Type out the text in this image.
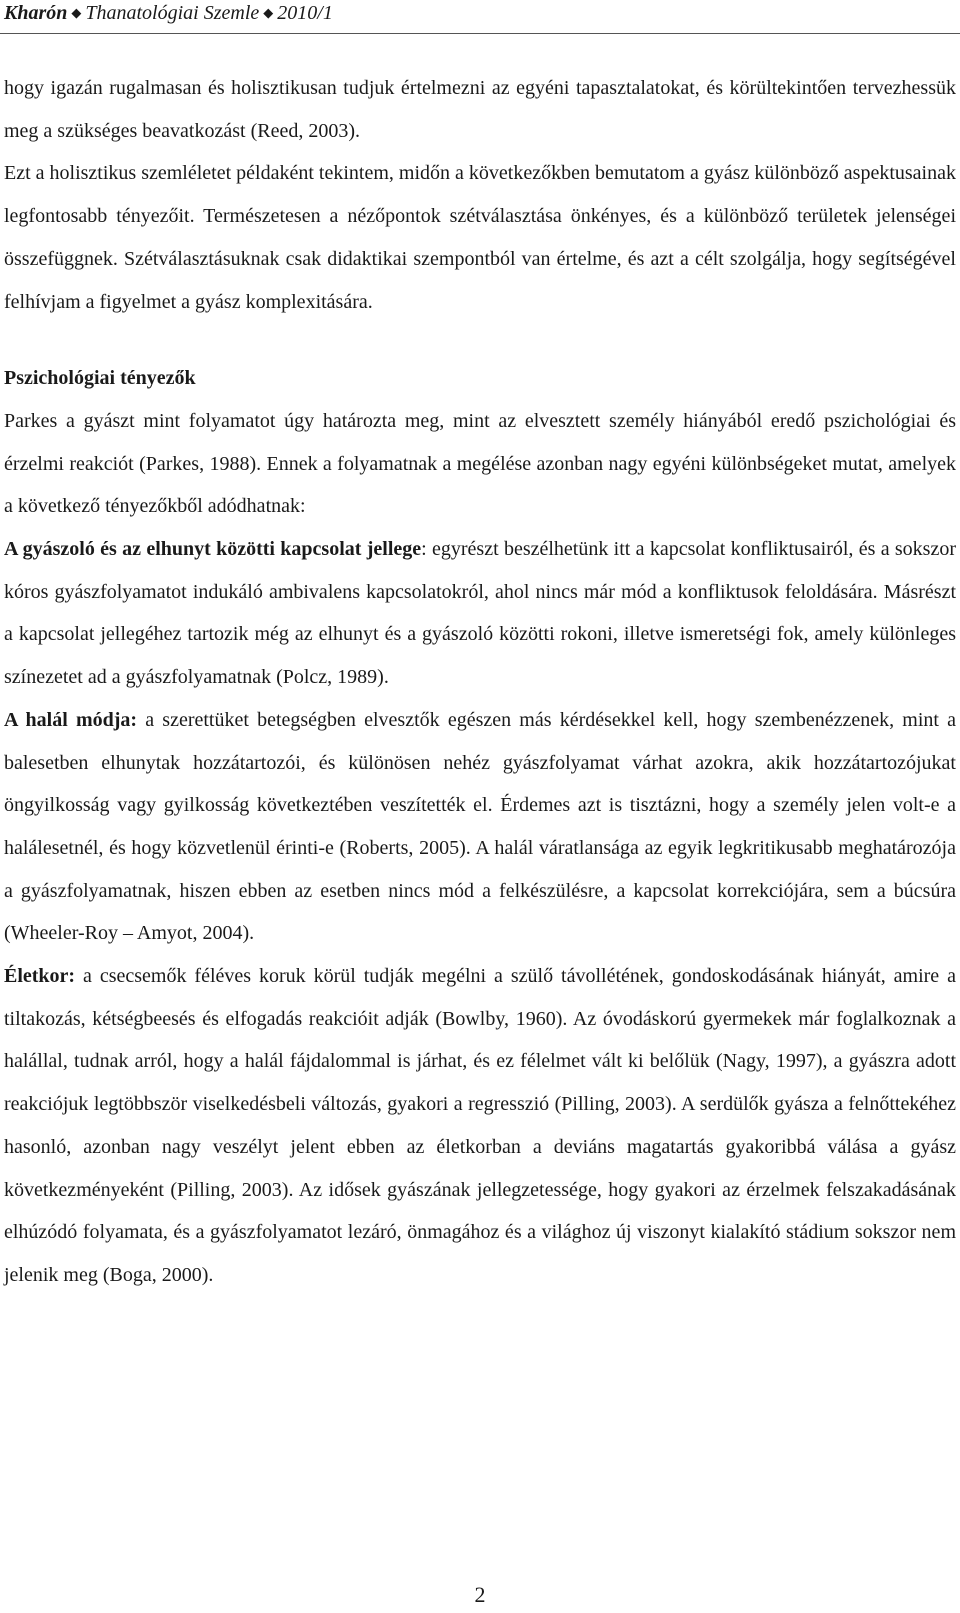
Kharón ◆ Thanatológiai Szemle ◆ 2010/1

hogy igazán rugalmasan és holisztikusan tudjuk értelmezni az egyéni tapasztalatokat, és körültekintően tervezhessük meg a szükséges beavatkozást (Reed, 2003).

Ezt a holisztikus szemléletet példaként tekintem, midőn a következőkben bemutatom a gyász különböző aspektusainak legfontosabb tényezőit. Természetesen a nézőpontok szétválasztása önkényes, és a különböző területek jelenségei összefüggnek. Szétválasztásuknak csak didaktikai szempontból van értelme, és azt a célt szolgálja, hogy segítségével felhívjam a figyelmet a gyász komplexitására.

Pszichológiai tényezők

Parkes a gyászt mint folyamatot úgy határozta meg, mint az elvesztett személy hiányából eredő pszichológiai és érzelmi reakciót (Parkes, 1988). Ennek a folyamatnak a megélése azonban nagy egyéni különbségeket mutat, amelyek a következő tényezőkből adódhatnak:

A gyászoló és az elhunyt közötti kapcsolat jellege: egyrészt beszélhetünk itt a kapcsolat konfliktusairól, és a sokszor kóros gyászfolyamatot indukáló ambivalens kapcsolatokról, ahol nincs már mód a konfliktusok feloldására. Másrészt a kapcsolat jellegéhez tartozik még az elhunyt és a gyászoló közötti rokoni, illetve ismeretségi fok, amely különleges színezetet ad a gyászfolyamatnak (Polcz, 1989).

A halál módja: a szerettüket betegségben elvesztők egészen más kérdésekkel kell, hogy szembenézzenek, mint a balesetben elhunytak hozzátartozói, és különösen nehéz gyászfolyamat várhat azokra, akik hozzátartozójukat öngyilkosság vagy gyilkosság következtében veszítették el. Érdemes azt is tisztázni, hogy a személy jelen volt-e a halálesetnél, és hogy közvetlenül érinti-e (Roberts, 2005). A halál váratlansága az egyik legkritikusabb meghatározója a gyászfolyamatnak, hiszen ebben az esetben nincs mód a felkészülésre, a kapcsolat korrekciójára, sem a búcsúra (Wheeler-Roy – Amyot, 2004).

Életkor: a csecsemők féléves koruk körül tudják megélni a szülő távollétének, gondoskodásának hiányát, amire a tiltakozás, kétségbeesés és elfogadás reakcióit adják (Bowlby, 1960). Az óvodáskorú gyermekek már foglalkoznak a halállal, tudnak arról, hogy a halál fájdalommal is járhat, és ez félelmet vált ki belőlük (Nagy, 1997), a gyászra adott reakciójuk legtöbbször viselkedésbeli változás, gyakori a regresszió (Pilling, 2003). A serdülők gyásza a felnőttekéhez hasonló, azonban nagy veszélyt jelent ebben az életkorban a deviáns magatartás gyakoribbá válása a gyász következményeként (Pilling, 2003). Az idősek gyászának jellegzetessége, hogy gyakori az érzelmek felszakadásának elhúzódó folyamata, és a gyászfolyamatot lezáró, önmagához és a világhoz új viszonyt kialakító stádium sokszor nem jelenik meg (Boga, 2000).

2
